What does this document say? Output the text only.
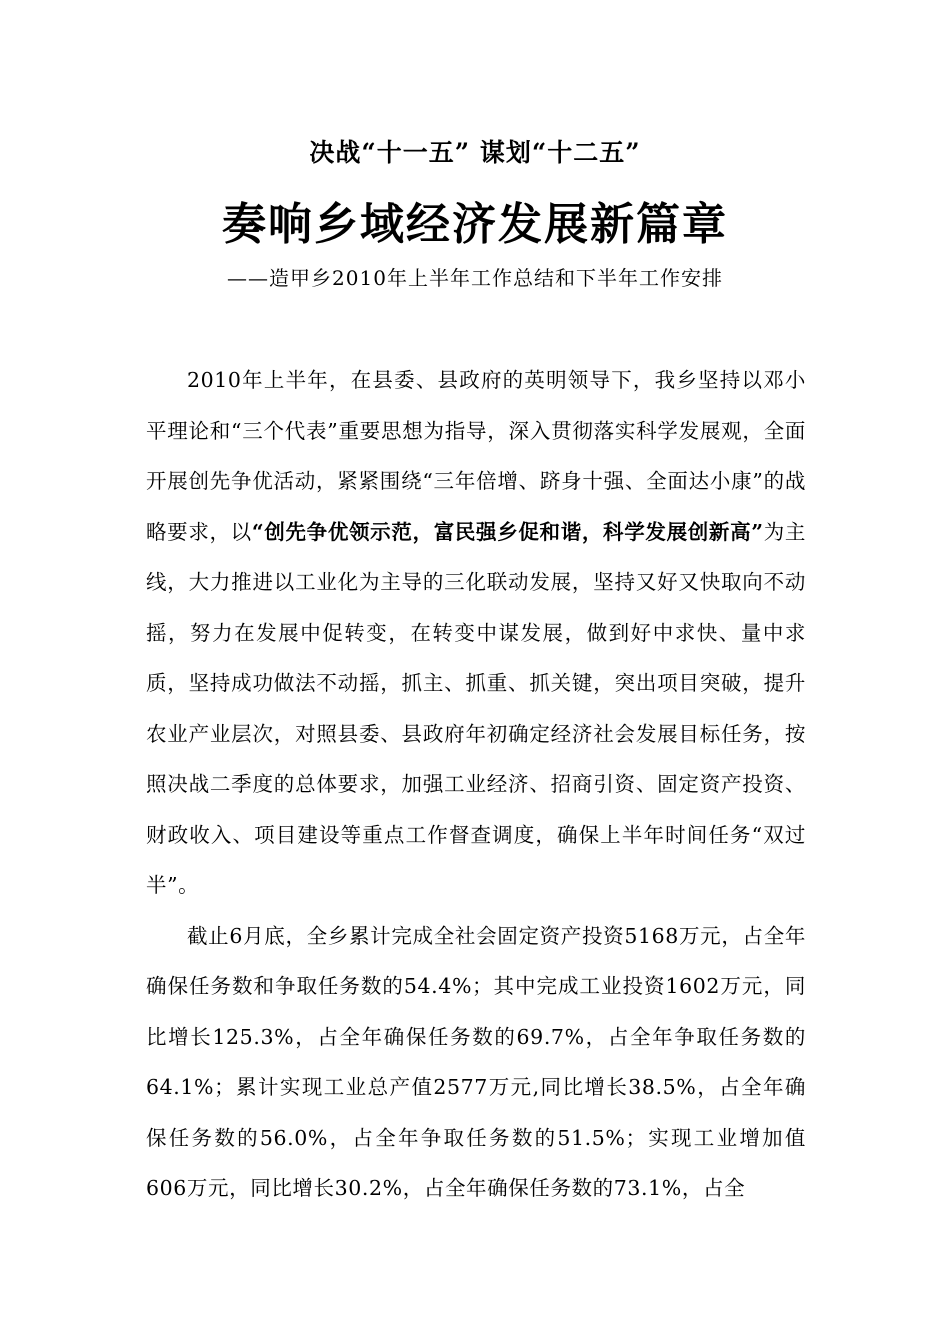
决战“十一五” 谋划“十二五”
奏响乡域经济发展新篇章
——造甲乡2010年上半年工作总结和下半年工作安排

2010年上半年，在县委、县政府的英明领导下，我乡坚持以邓小平理论和“三个代表”重要思想为指导，深入贯彻落实科学发展观，全面开展创先争优活动，紧紧围绕“三年倍增、跻身十强、全面达小康”的战略要求，以“创先争优领示范，富民强乡促和谐，科学发展创新高”为主线，大力推进以工业化为主导的三化联动发展，坚持又好又快取向不动摇，努力在发展中促转变，在转变中谋发展，做到好中求快、量中求质，坚持成功做法不动摇，抓主、抓重、抓关键，突出项目突破，提升农业产业层次，对照县委、县政府年初确定经济社会发展目标任务，按照决战二季度的总体要求，加强工业经济、招商引资、固定资产投资、财政收入、项目建设等重点工作督查调度，确保上半年时间任务“双过半”。

截止6月底，全乡累计完成全社会固定资产投资5168万元，占全年确保任务数和争取任务数的54.4%；其中完成工业投资1602万元，同比增长125.3%，占全年确保任务数的69.7%，占全年争取任务数的64.1%；累计实现工业总产值2577万元,同比增长38.5%，占全年确保任务数的56.0%，占全年争取任务数的51.5%；实现工业增加值606万元，同比增长30.2%，占全年确保任务数的73.1%，占全
